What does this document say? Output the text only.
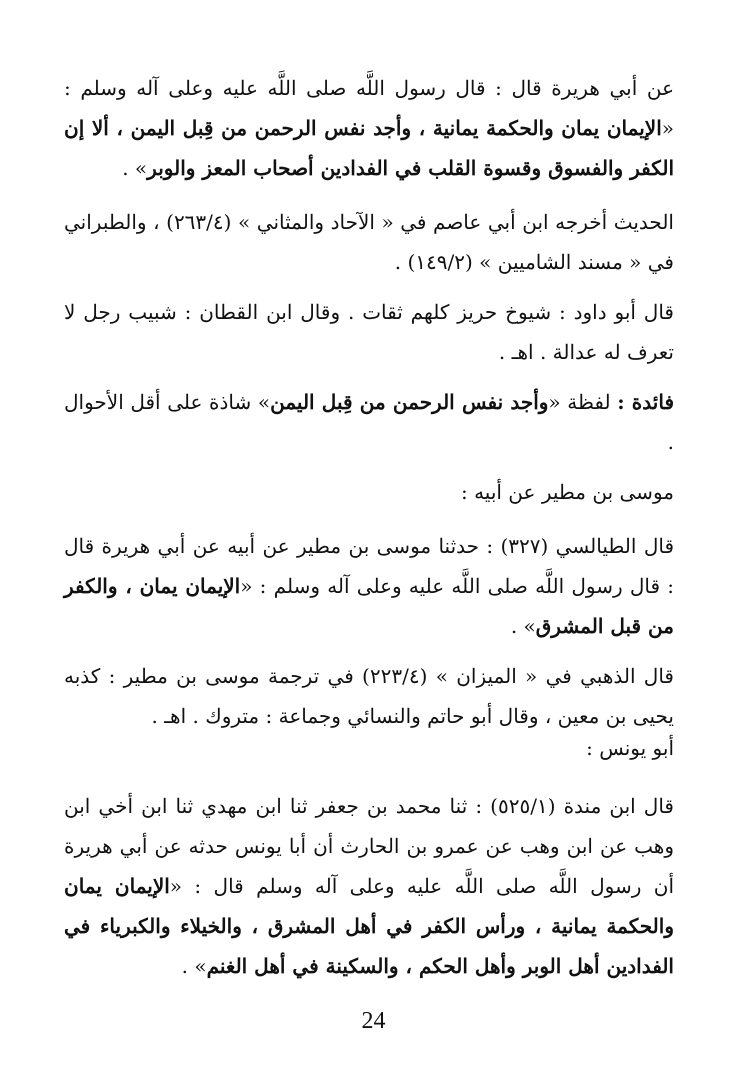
عن أبي هريرة قال : قال رسول اللَّه صلى اللَّه عليه وعلى آله وسلم : «الإيمان يمان والحكمة يمانية ، وأجد نفس الرحمن من قِبل اليمن ، ألا إن الكفر والفسوق وقسوة القلب في الفدادين أصحاب المعز والوبر» .

الحديث أخرجه ابن أبي عاصم في « الآحاد والمثاني » (٢٦٣/٤) ، والطبراني في « مسند الشاميين » (١٤٩/٢) .

قال أبو داود : شيوخ حريز كلهم ثقات . وقال ابن القطان : شبيب رجل لا تعرف له عدالة . اهـ .

فائدة : لفظة «وأجد نفس الرحمن من قِبل اليمن» شاذة على أقل الأحوال .

موسى بن مطير عن أبيه :

قال الطيالسي (٣٢٧) : حدثنا موسى بن مطير عن أبيه عن أبي هريرة قال : قال رسول اللَّه صلى اللَّه عليه وعلى آله وسلم : «الإيمان يمان ، والكفر من قبل المشرق» .

قال الذهبي في « الميزان » (٢٢٣/٤) في ترجمة موسى بن مطير : كذبه يحيى بن معين ، وقال أبو حاتم والنسائي وجماعة : متروك . اهـ .

أبو يونس :

قال ابن مندة (٥٢٥/١) : ثنا محمد بن جعفر ثنا ابن مهدي ثنا ابن أخي ابن وهب عن ابن وهب عن عمرو بن الحارث أن أبا يونس حدثه عن أبي هريرة أن رسول اللَّه صلى اللَّه عليه وعلى آله وسلم قال : «الإيمان يمان والحكمة يمانية ، ورأس الكفر في أهل المشرق ، والخيلاء والكبرياء في الفدادين أهل الوبر وأهل الحكم ، والسكينة في أهل الغنم» .

24
